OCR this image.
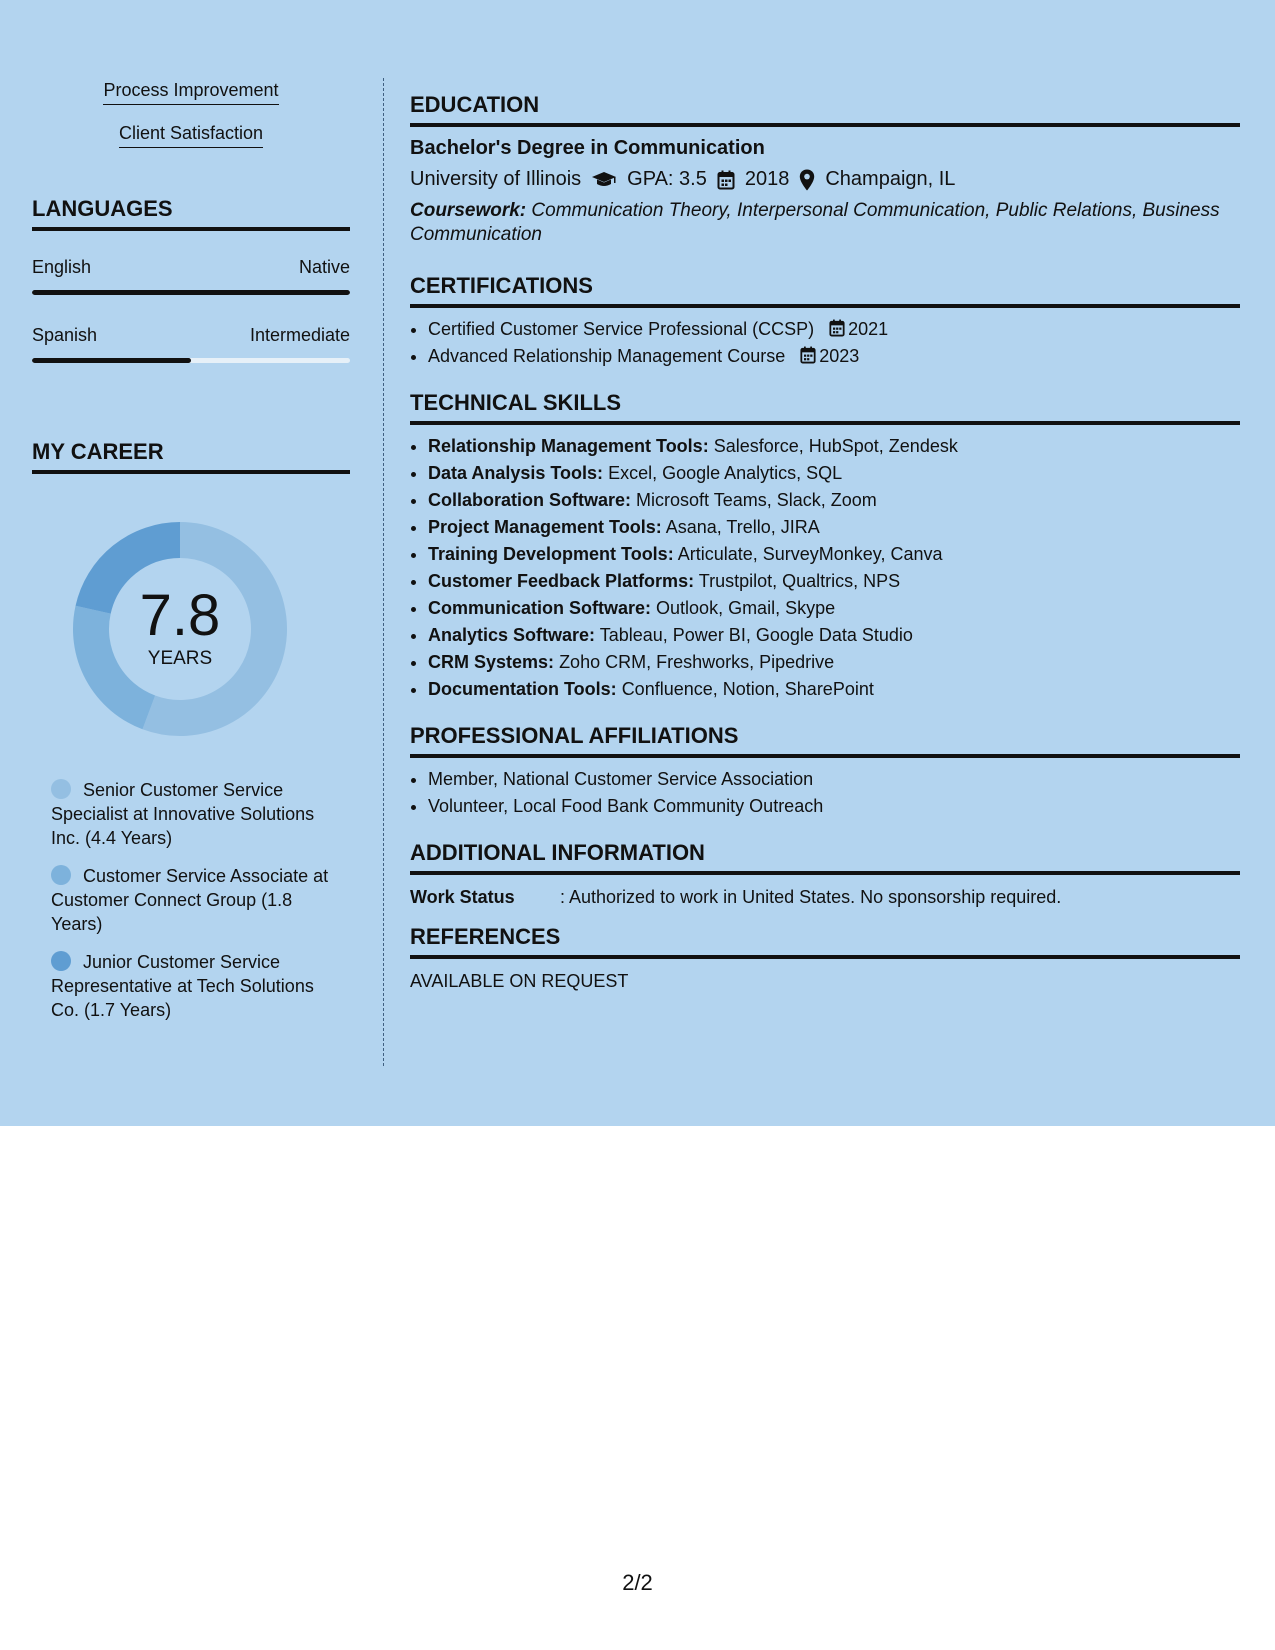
Process Improvement
Client Satisfaction
LANGUAGES
English	Native
Spanish	Intermediate
MY CAREER
7.8
YEARS
Senior Customer Service Specialist at Innovative Solutions Inc. (4.4 Years)
Customer Service Associate at Customer Connect Group (1.8 Years)
Junior Customer Service Representative at Tech Solutions Co. (1.7 Years)
EDUCATION
Bachelor's Degree in Communication
University of Illinois GPA: 3.5 2018 Champaign, IL
Coursework: Communication Theory, Interpersonal Communication, Public Relations, Business Communication
CERTIFICATIONS
• Certified Customer Service Professional (CCSP) 2021
• Advanced Relationship Management Course 2023
TECHNICAL SKILLS
• Relationship Management Tools: Salesforce, HubSpot, Zendesk
• Data Analysis Tools: Excel, Google Analytics, SQL
• Collaboration Software: Microsoft Teams, Slack, Zoom
• Project Management Tools: Asana, Trello, JIRA
• Training Development Tools: Articulate, SurveyMonkey, Canva
• Customer Feedback Platforms: Trustpilot, Qualtrics, NPS
• Communication Software: Outlook, Gmail, Skype
• Analytics Software: Tableau, Power BI, Google Data Studio
• CRM Systems: Zoho CRM, Freshworks, Pipedrive
• Documentation Tools: Confluence, Notion, SharePoint
PROFESSIONAL AFFILIATIONS
• Member, National Customer Service Association
• Volunteer, Local Food Bank Community Outreach
ADDITIONAL INFORMATION
Work Status	: Authorized to work in United States. No sponsorship required.
REFERENCES
AVAILABLE ON REQUEST
2/2
